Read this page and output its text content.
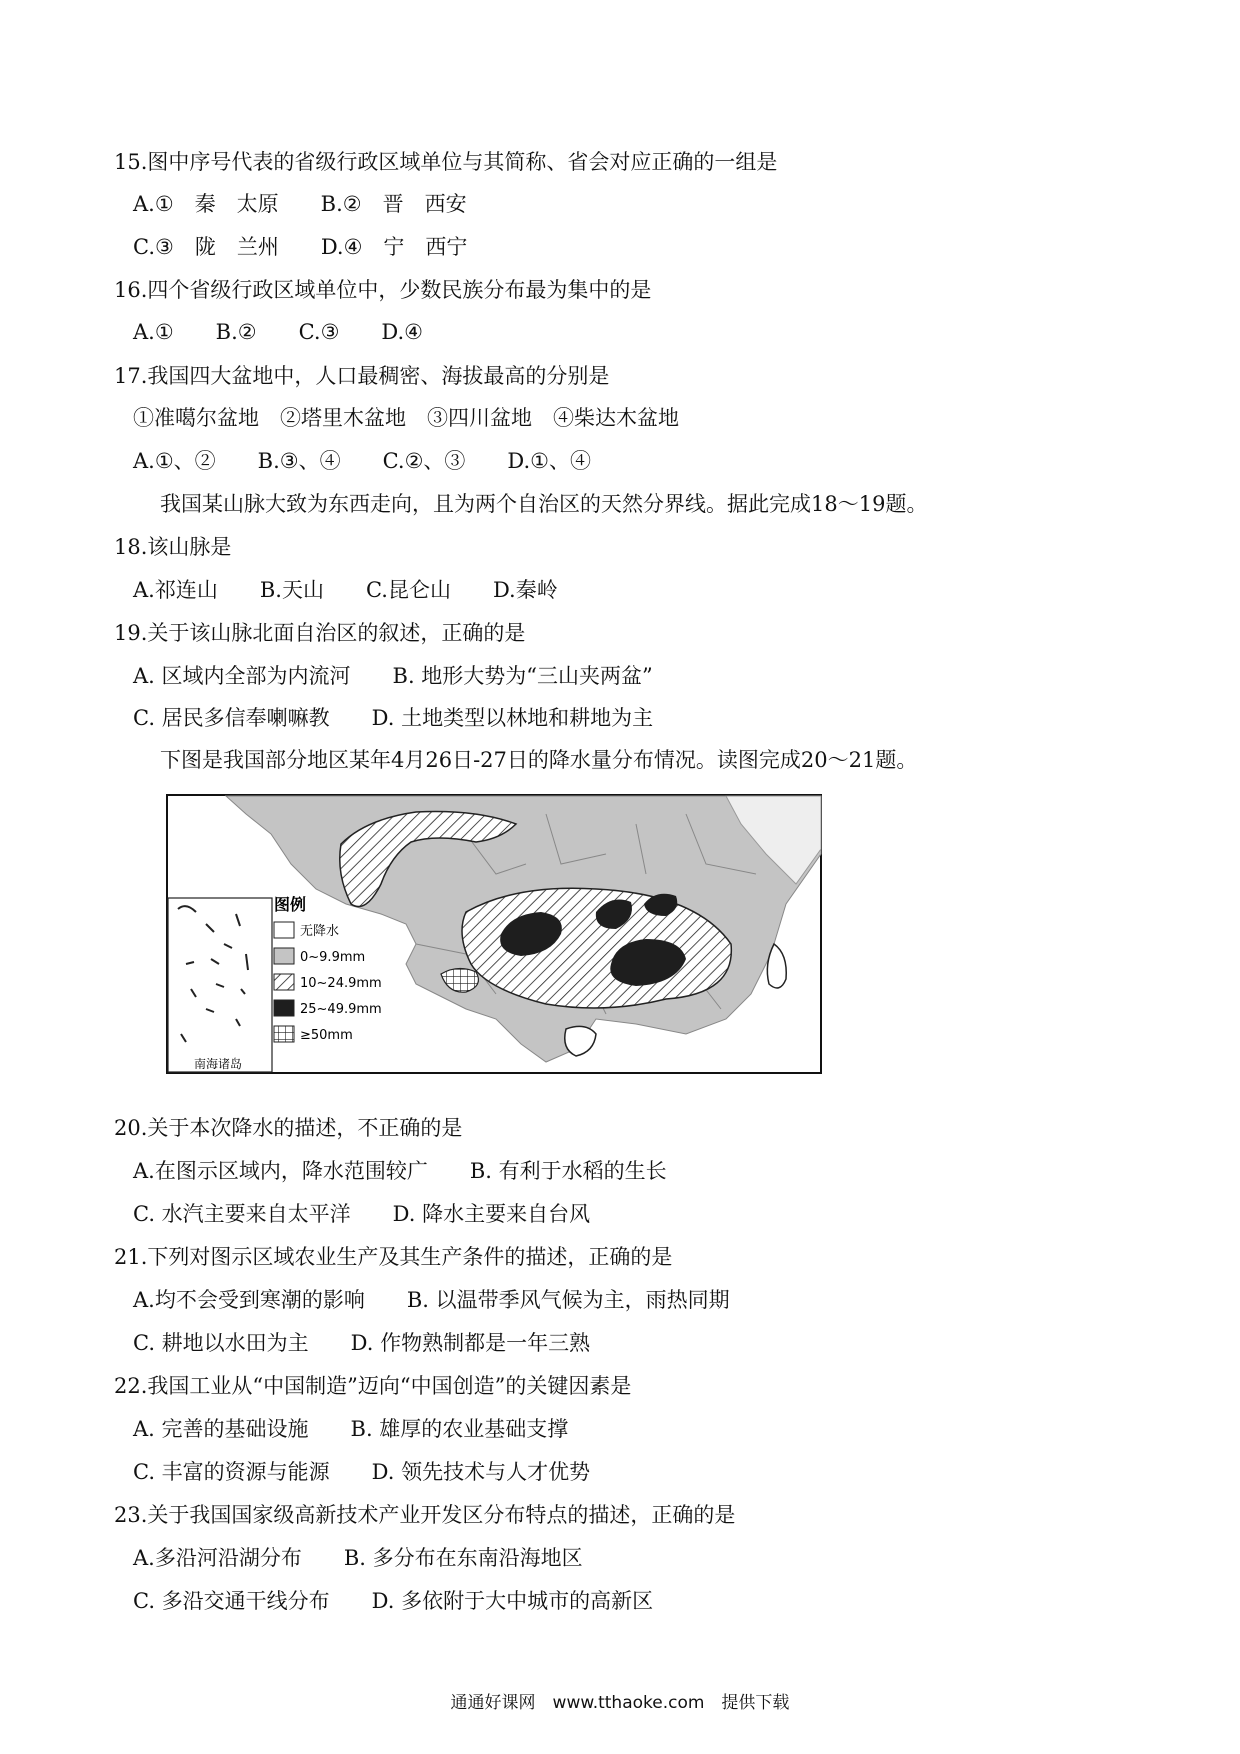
15.图中序号代表的省级行政区域单位与其简称、省会对应正确的一组是
A.①　秦　太原　　B.②　晋　西安
C.③　陇　兰州　　D.④　宁　西宁
16.四个省级行政区域单位中，少数民族分布最为集中的是
A.①　　B.②　　C.③　　D.④
17.我国四大盆地中，人口最稠密、海拔最高的分别是
①准噶尔盆地　②塔里木盆地　③四川盆地　④柴达木盆地
A.①、②　　B.③、④　　C.②、③　　D.①、④
我国某山脉大致为东西走向，且为两个自治区的天然分界线。据此完成18～19题。
18.该山脉是
A.祁连山　　B.天山　　C.昆仑山　　D.秦岭
19.关于该山脉北面自治区的叙述，正确的是
A. 区域内全部为内流河　　B. 地形大势为“三山夹两盆”
C. 居民多信奉喇嘛教　　D. 土地类型以林地和耕地为主
下图是我国部分地区某年4月26日-27日的降水量分布情况。读图完成20～21题。
南海诸岛
图例
无降水
0~9.9mm
10~24.9mm
25~49.9mm
≥50mm
20.关于本次降水的描述，不正确的是
A.在图示区域内，降水范围较广　　B. 有利于水稻的生长
C. 水汽主要来自太平洋　　D. 降水主要来自台风
21.下列对图示区域农业生产及其生产条件的描述，正确的是
A.均不会受到寒潮的影响　　B. 以温带季风气候为主，雨热同期
C. 耕地以水田为主　　D. 作物熟制都是一年三熟
22.我国工业从“中国制造”迈向“中国创造”的关键因素是
A. 完善的基础设施　　B. 雄厚的农业基础支撑
C. 丰富的资源与能源　　D. 领先技术与人才优势
23.关于我国国家级高新技术产业开发区分布特点的描述，正确的是
A.多沿河沿湖分布　　B. 多分布在东南沿海地区
C. 多沿交通干线分布　　D. 多依附于大中城市的高新区
通通好课网　www.tthaoke.com　提供下载
